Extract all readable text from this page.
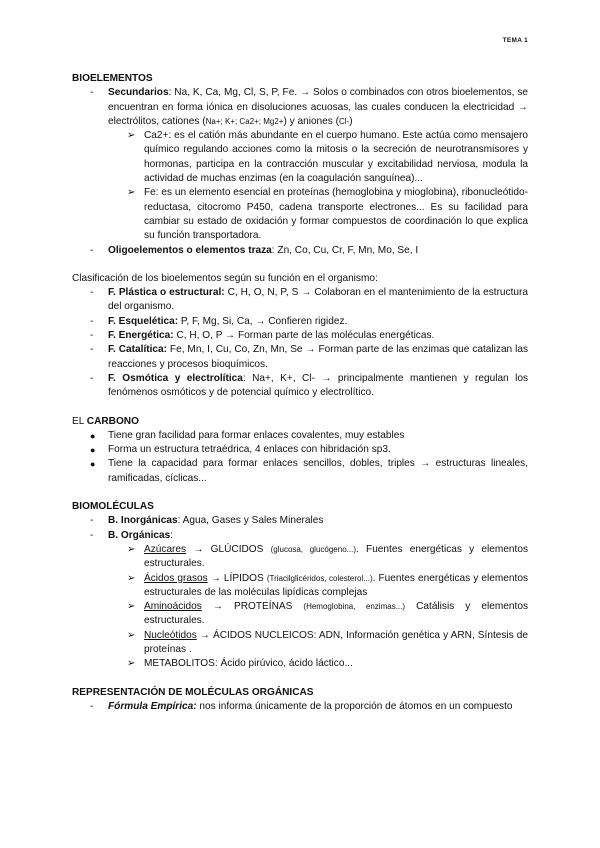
TEMA 1

BIOELEMENTOS

- Secundarios: Na, K, Ca, Mg, Cl, S, P, Fe. → Solos o combinados con otros bioelementos, se encuentran en forma iónica en disoluciones acuosas, las cuales conducen la electricidad → electrólitos, cationes (Na+; K+; Ca2+; Mg2+) y aniones (Cl-)

➢ Ca2+: es el catión más abundante en el cuerpo humano. Este actúa como mensajero químico regulando acciones como la mitosis o la secreción de neurotransmisores y hormonas, participa en la contracción muscular y excitabilidad nerviosa, modula la actividad de muchas enzimas (en la coagulación sanguínea)...

➢ Fe: es un elemento esencial en proteínas (hemoglobina y mioglobina), ribonucleótido-reductasa, citocromo P450, cadena transporte electrones... Es su facilidad para cambiar su estado de oxidación y formar compuestos de coordinación lo que explica su función transportadora.

- Oligoelementos o elementos traza: Zn, Co, Cu, Cr, F, Mn, Mo, Se, I

Clasificación de los bioelementos según su función en el organismo:

- F. Plástica o estructural: C, H, O, N, P, S → Colaboran en el mantenimiento de la estructura del organismo.

- F. Esquelética: P, F, Mg, Si, Ca, → Confieren rigidez.

- F. Energética: C, H, O, P → Forman parte de las moléculas energéticas.

- F. Catalítica: Fe, Mn, I, Cu, Co, Zn, Mn, Se → Forman parte de las enzimas que catalizan las reacciones y procesos bioquímicos.

- F. Osmótica y electrolítica: Na+, K+, Cl- → principalmente mantienen y regulan los fenómenos osmóticos y de potencial químico y electrolítico.

EL CARBONO

● Tiene gran facilidad para formar enlaces covalentes, muy estables

● Forma un estructura tetraédrica, 4 enlaces con hibridación sp3.

● Tiene la capacidad para formar enlaces sencillos, dobles, triples → estructuras lineales, ramificadas, cíclicas...

BIOMOLÉCULAS

- B. Inorgánicas: Agua, Gases y Sales Minerales

- B. Orgánicas:

➢ Azúcares → GLÚCIDOS (glucosa, glucógeno...). Fuentes energéticas y elementos estructurales.

➢ Ácidos grasos → LÍPIDOS (Triacilglicéridos, colesterol...). Fuentes energéticas y elementos estructurales de las moléculas lipídicas complejas

➢ Aminoácidos → PROTEÍNAS (Hemoglobina, enzimas...) Catálisis y elementos estructurales.

➢ Nucleótidos → ÁCIDOS NUCLEICOS: ADN, Información genética y ARN, Síntesis de proteínas .

➢ METABOLITOS: Ácido pirúvico, ácido láctico...

REPRESENTACIÓN DE MOLÉCULAS ORGÁNICAS

- Fórmula Empírica: nos informa únicamente de la proporción de átomos en un compuesto
